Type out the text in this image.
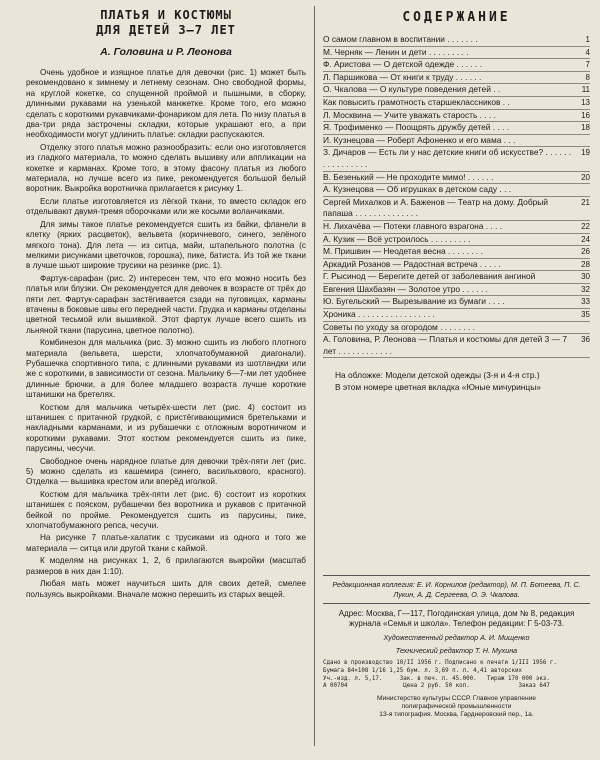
ПЛАТЬЯ И КОСТЮМЫ
ДЛЯ ДЕТЕЙ 3—7 ЛЕТ
А. Головина и Р. Леонова

Очень удобное и изящное платье для девочки (рис. 1) может быть рекомендовано к зимнему и летнему сезонам. Оно свободной формы, на круглой кокетке, со спущенной проймой и пышными, в сборку, длинными рукавами на узенькой манжетке. Кроме того, его можно сделать с короткими рукавчиками-фонариком для лета. По низу платья в два-три ряда застрочены складки, которые украшают его, а при необходимости могут удлинить платье: складки распускаются.

Отделку этого платья можно разнообразить: если оно изготовляется из гладкого материала, то можно сделать вышивку или аппликации на кокетке и карманах. Кроме того, в этому фасону платья из любого материала, но лучше всего из пике, рекомендуется большой белый воротник. Выкройка воротничка прилагается к рисунку 1.

Если платье изготовляется из лёгкой ткани, то вместо складок его отделывают двумя-тремя оборочками или же косыми воланчиками.

Для зимы такое платье рекомендуется сшить из байки, фланели в клетку (яркиx расцветок), вельвета (коричневого, синего, зелёного мягкого тона). Для лета — из ситца, майи, штапельного полотна (с мелкими рисунками цветочков, горошка), пике, батиста. Из той же ткани в лучше шьют широкие трусики на резинке (рис. 1).

Фартук-сарафан (рис. 2) интересен тем, что его можно носить без платья или блузки. Он рекомендуется для девочек в возрасте от трёх до пяти лет. Фартук-сарафан застёгивается сзади на пуговицах, карманы втачены в боковые швы его передней части. Грудка и карманы отделаны цветной тесьмой или вышивкой. Этот фартук лучше всего сшить из льняной ткани (парусина, цветное полотно).

Комбинезон для мальчика (рис. 3) можно сшить из любого плотного материала (вельвета, шерсти, хлопчатобумажной диагонали). Рубашечка спортивного типа, с длинными рукавами из шотландки или же с короткими, в зависимости от сезона. Мальчику 6—7-ми лет удобнее длинные брючки, а для более младшего возраста лучше короткие штанишки на бретелях.

Костюм для мальчика четырёх-шести лет (рис. 4) состоит из штанишек с притачной грудкой, с пристёгивающимися бретельками и накладными карманами, и из рубашечки с отложным воротничком и короткими рукавами. Этот костюм рекомендуется сшить из пике, парусины, чесучи.

Свободное очень нарядное платье для девочки трёх-пяти лет (рис. 5) можно сделать из кашемира (синего, василькового, красного). Отделка — вышивка крестом или вперёд иголкой.

Костюм для мальчика трёх-пяти лет (рис. 6) состоит из коротких штанишек с пояском, рубашечки без воротника и рукавов с притачной бейкой по пройме. Рекомендуется сшить из парусины, пике, хлопчатобумажного репса, чесучи.

На рисунке 7 платье-халатик с трусиками из одного и того же материала — ситца или другой ткани с каймой.

К моделям на рисунках 1, 2, 6 прилагаются выкройки (масштаб размеров в них дан 1:10).

Любая мать может научиться шить для своих детей, смелее пользуясь выкройками. Вначале можно перешить из старых вещей.

СОДЕРЖАНИЕ
О самом главном в воспитании . . . . . . .	1
М. Черняк — Ленин и дети . . . . . . . . .	4
Ф. Аристова — О детской одежде . . . . . .	7
Л. Паршикова — От книги к труду . . . . . .	8
О. Чкалова — О культуре поведения детей . .	11
Как повысить грамотность старшеклассников . .	13
Л. Москвина — Учите уважать старость . . . .	16
Я. Трофименко — Поощрять дружбу детей . . . .	18
И. Кузнецова — Роберт Афоненко и его мама . . .
З. Дичаров — Есть ли у нас детские книги об искусстве? . . . . . . . . . . . . . . . .
19
В. Безенький — Не проходите мимо! . . . . . .	20
А. Кузнецова — Об игрушках в детском саду . . .
Сергей Михалков и А. Баженов — Театр на дому. Добрый папаша . . . . . . . . . . . . . .
21
Н. Лихачёва — Потеки главного взрагона . . . .	22
А. Кузик — Всё устроилось . . . . . . . . .	24
М. Пришвин — Неодетая весна . . . . . . . .	26
Аркадий Розанов — Радостная встреча . . . . .	28
Г. Рысинод — Берегите детей от заболевания ангиной	30
Евгения Шахбазян — Золотое утро . . . . . .	32
Ю. Бугельский — Вырезывание из бумаги . . . .	33
Хроника . . . . . . . . . . . . . . . . .	35
Советы по уходу за огородом . . . . . . . .
А. Головина, Р. Леонова — Платья и костюмы для детей 3 — 7 лет . . . . . . . . . . . .
36

На обложке: Модели детской одежды (3-я и 4-я стр.)

В этом номере цветная вкладка «Юные мичуринцы»

Редакционная коллегия: Е. И. Корнилов (редактор), М. П. Ботеева, П. С. Лукин, А. Д. Сергеева, О. Э. Чкалова.

Адрес: Москва, Г—117, Погодинская улица, дом № 8, редакция журнала «Семья и школа». Телефон редакции: Г 5-03-73.

Художественный редактор А. И. Мищенко

Технический редактор Т. Н. Мухина

Сдано в производство 10/II 1956 г. Подписано к печати 1/III 1956 г.
Бумага 84×108 1/16 1,25 бум. л. 3,69 п. л. 4,41 авторских
Уч.-изд. л. 5,17.     Зак. в печ. л. 45.000.   Тираж 170 000 экз.
А 00704                Цена 2 руб. 50 коп.              Заказ 647
Министерство культуры СССР. Главное управление
полиграфической промышленности
13-я типография. Москва, Гарднеровский пер., 1а.
